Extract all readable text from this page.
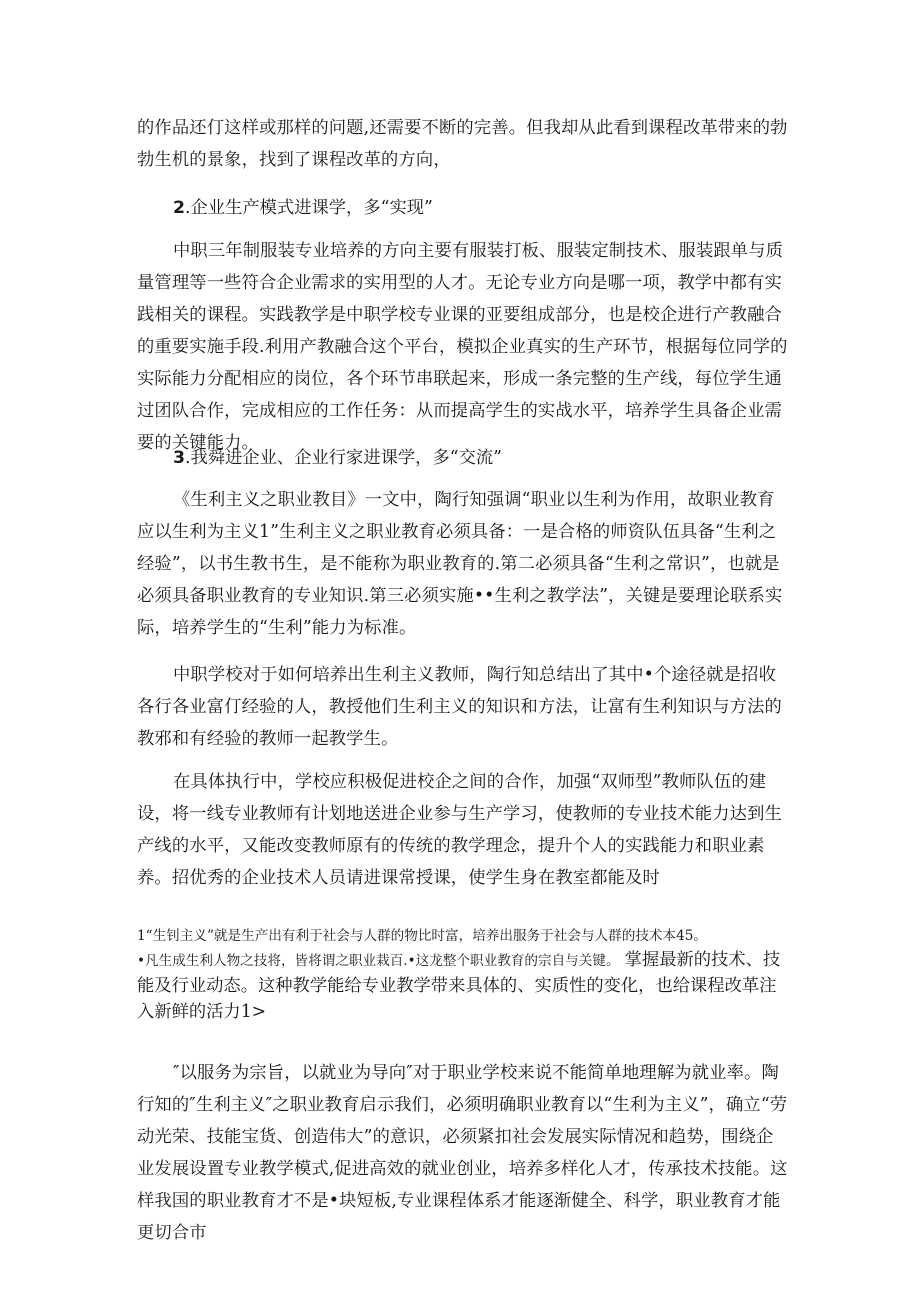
的作品还仃这样或那样的问题,还需要不断的完善。但我却从此看到课程改革带来的勃勃生机的景象，找到了课程改革的方向，

2.企业生产模式进课学，多“实现”

中职三年制服装专业培养的方向主要有服装打板、服装定制技术、服装跟单与质量管理等一些符合企业需求的实用型的人才。无论专业方向是哪一项，教学中都有实践相关的课程。实践教学是中职学校专业课的亚要组成部分，也是校企进行产教融合的重要实施手段.利用产教融合这个平台，模拟企业真实的生产环节，根据每位同学的实际能力分配相应的岗位，各个环节串联起来，形成一条完整的生产线，每位学生通过团队合作，完成相应的工作任务：从而提高学生的实战水平，培养学生具备企业需要的关键能力。

3.我舜进企业、企业行家进课学，多“交流”

《生利主义之职业教目》一文中，陶行知强调“职业以生利为作用，故职业教育应以生利为主义1”生利主义之职业教育必须具备：一是合格的师资队伍具备“生利之经验”，以书生教书生，是不能称为职业教育的.第二必须具备“生利之常识”，也就是必须具备职业教育的专业知识.第三必须实施••生利之教学法”，关键是要理论联系实际，培养学生的“生利”能力为标准。

中职学校对于如何培养出生利主义教师，陶行知总结出了其中•个途径就是招收各行各业富仃经验的人，教授他们生利主义的知识和方法，让富有生利知识与方法的教邪和有经验的教师一起教学生。

在具体执行中，学校应积极促进校企之间的合作，加强“双师型”教师队伍的建设，将一线专业教师有计划地送进企业参与生产学习，使教师的专业技术能力达到生产线的水平，又能改变教师原有的传统的教学理念，提升个人的实践能力和职业素养。招优秀的企业技术人员请进课常授课，使学生身在教室都能及时

1“生钊主义”就是生产出有利于社会与人群的物比时富，培养出服务于社会与人群的技术本45。
•凡生成生利人物之技将，皆将谓之职业栽百.•这龙整个职业教育的宗自与关键。 掌握最新的技术、技能及行业动态。这种教学能给专业教学带来具体的、实质性的变化，也给课程改革注入新鲜的活力1>

″以服务为宗旨，以就业为导向″对于职业学校来说不能简单地理解为就业率。陶行知的″生利主义″之职业教育启示我们，必须明确职业教育以“生利为主义”，确立“劳动光荣、技能宝货、创造伟大”的意识，必须紧扣社会发展实际情况和趋势，围绕企业发展设置专业教学模式,促进高效的就业创业，培养多样化人才，传承技术技能。这样我国的职业教育才不是•块短板,专业课程体系才能逐渐健全、科学，职业教育才能更切合市
